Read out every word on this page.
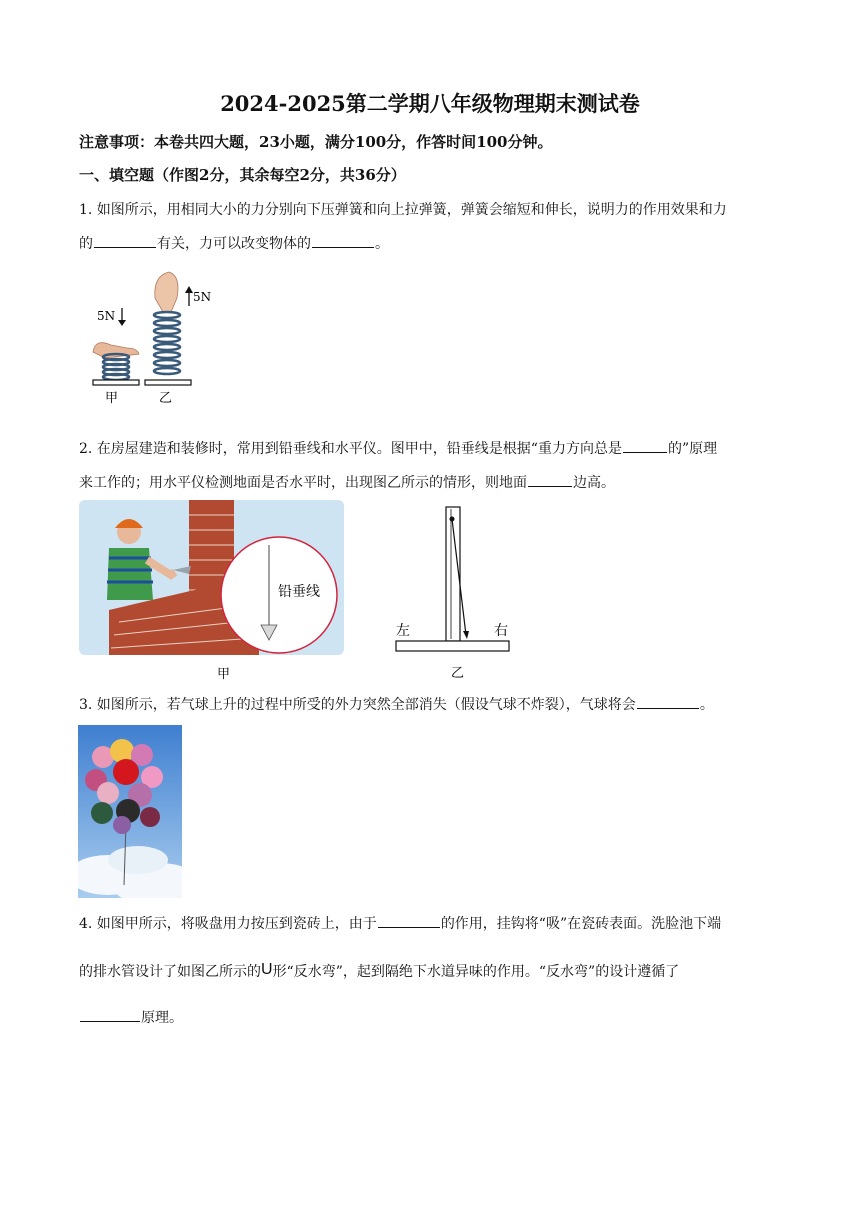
2024-2025第二学期八年级物理期末测试卷
注意事项：本卷共四大题，23小题，满分100分，作答时间100分钟。
一、填空题（作图2分，其余每空2分，共36分）
1. 如图所示，用相同大小的力分别向下压弹簧和向上拉弹簧，弹簧会缩短和伸长，说明力的作用效果和力
的	有关，力可以改变物体的	。
5N
甲
5N
乙
2. 在房屋建造和装修时，常用到铅垂线和水平仪。图甲中，铅垂线是根据“重力方向总是	的”原理
来工作的；用水平仪检测地面是否水平时，出现图乙所示的情形，则地面	边高。
铅垂线
甲
左	右
乙
3. 如图所示，若气球上升的过程中所受的外力突然全部消失（假设气球不炸裂），气球将会	。
4. 如图甲所示，将吸盘用力按压到瓷砖上，由于	的作用，挂钩将“吸”在瓷砖表面。洗脸池下端
的排水管设计了如图乙所示的U形“反水弯”，起到隔绝下水道异味的作用。“反水弯”的设计遵循了
原理。
